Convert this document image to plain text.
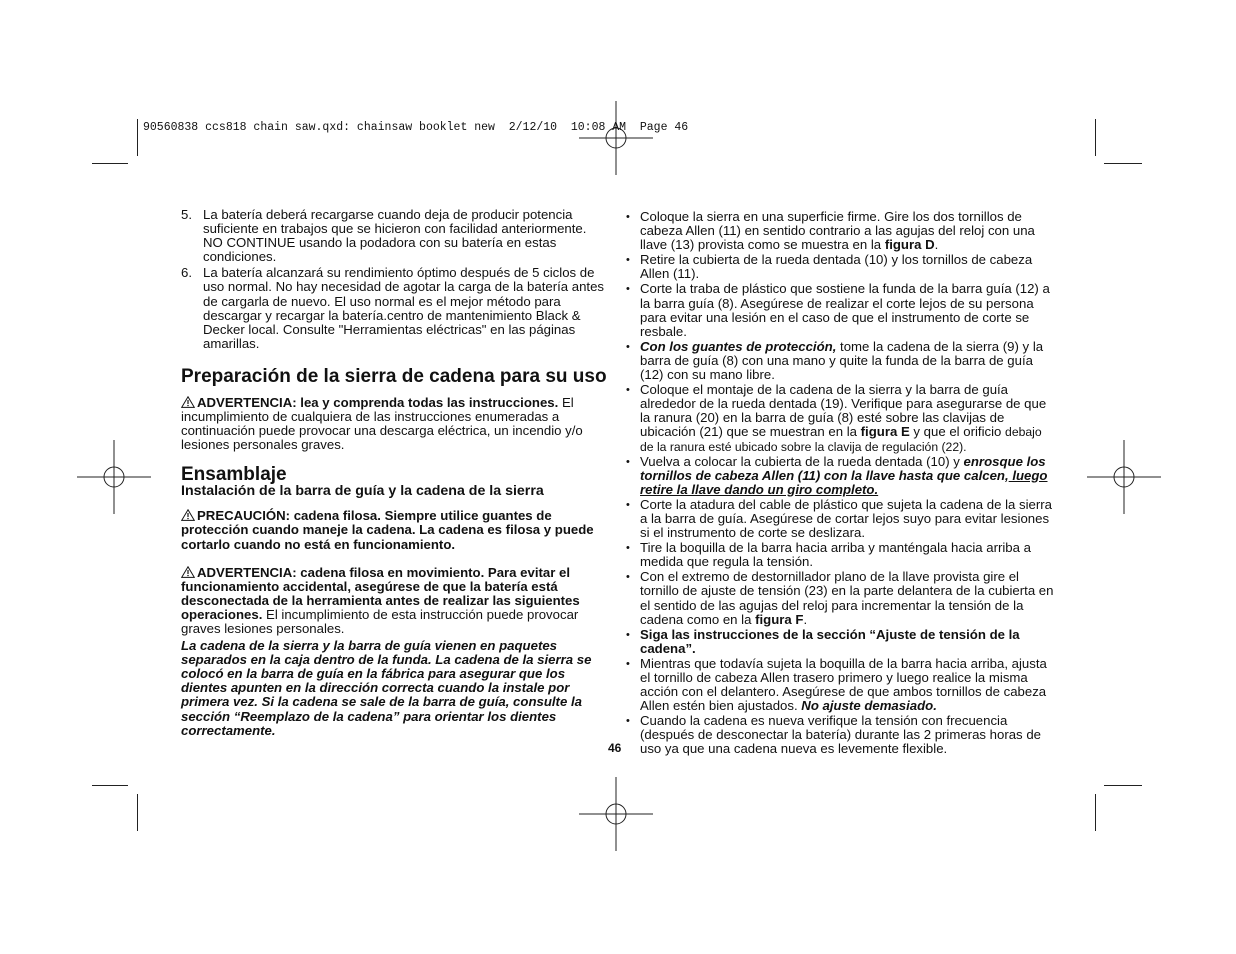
90560838 ccs818 chain saw.qxd: chainsaw booklet new  2/12/10  10:08 AM  Page 46
5. La batería deberá recargarse cuando deja de producir potencia suficiente en trabajos que se hicieron con facilidad anteriormente. NO CONTINUE usando la podadora con su batería en estas condiciones.
6. La batería alcanzará su rendimiento óptimo después de 5 ciclos de uso normal. No hay necesidad de agotar la carga de la batería antes de cargarla de nuevo. El uso normal es el mejor método para descargar y recargar la batería.centro de mantenimiento Black & Decker local. Consulte "Herramientas eléctricas" en las páginas amarillas.
Preparación de la sierra de cadena para su uso

ADVERTENCIA: lea y comprenda todas las instrucciones. El incumplimiento de cualquiera de las instrucciones enumeradas a continuación puede provocar una descarga eléctrica, un incendio y/o lesiones personales graves.

Ensamblaje
Instalación de la barra de guía y la cadena de la sierra

PRECAUCIÓN: cadena filosa. Siempre utilice guantes de protección cuando maneje la cadena. La cadena es filosa y puede cortarlo cuando no está en funcionamiento.

ADVERTENCIA: cadena filosa en movimiento. Para evitar el funcionamiento accidental, asegúrese de que la batería está desconectada de la herramienta antes de realizar las siguientes operaciones. El incumplimiento de esta instrucción puede provocar graves lesiones personales.

La cadena de la sierra y la barra de guía vienen en paquetes separados en la caja dentro de la funda. La cadena de la sierra se colocó en la barra de guía en la fábrica para asegurar que los dientes apunten en la dirección correcta cuando la instale por primera vez. Si la cadena se sale de la barra de guía, consulte la sección “Reemplazo de la cadena” para orientar los dientes correctamente.

• Coloque la sierra en una superficie firme. Gire los dos tornillos de cabeza Allen (11) en sentido contrario a las agujas del reloj con una llave (13) provista como se muestra en la figura D.
• Retire la cubierta de la rueda dentada (10) y los tornillos de cabeza Allen (11).
• Corte la traba de plástico que sostiene la funda de la barra guía (12) a la barra guía (8). Asegúrese de realizar el corte lejos de su persona para evitar una lesión en el caso de que el instrumento de corte se resbale.
• Con los guantes de protección, tome la cadena de la sierra (9) y la barra de guía (8) con una mano y quite la funda de la barra de guía (12) con su mano libre.
• Coloque el montaje de la cadena de la sierra y la barra de guía alrededor de la rueda dentada (19). Verifique para asegurarse de que la ranura (20) en la barra de guía (8) esté sobre las clavijas de ubicación (21) que se muestran en la figura E y que el orificio debajo de la ranura esté ubicado sobre la clavija de regulación (22).
• Vuelva a colocar la cubierta de la rueda dentada (10) y enrosque los tornillos de cabeza Allen (11) con la llave hasta que calcen, luego retire la llave dando un giro completo.
• Corte la atadura del cable de plástico que sujeta la cadena de la sierra a la barra de guía. Asegúrese de cortar lejos suyo para evitar lesiones si el instrumento de corte se deslizara.
• Tire la boquilla de la barra hacia arriba y manténgala hacia arriba a medida que regula la tensión.
• Con el extremo de destornillador plano de la llave provista gire el tornillo de ajuste de tensión (23) en la parte delantera de la cubierta en el sentido de las agujas del reloj para incrementar la tensión de la cadena como en la figura F.
• Siga las instrucciones de la sección “Ajuste de tensión de la cadena”.
• Mientras que todavía sujeta la boquilla de la barra hacia arriba, ajusta el tornillo de cabeza Allen trasero primero y luego realice la misma acción con el delantero. Asegúrese de que ambos tornillos de cabeza Allen estén bien ajustados. No ajuste demasiado.
• Cuando la cadena es nueva verifique la tensión con frecuencia (después de desconectar la batería) durante las 2 primeras horas de uso ya que una cadena nueva es levemente flexible.
46
